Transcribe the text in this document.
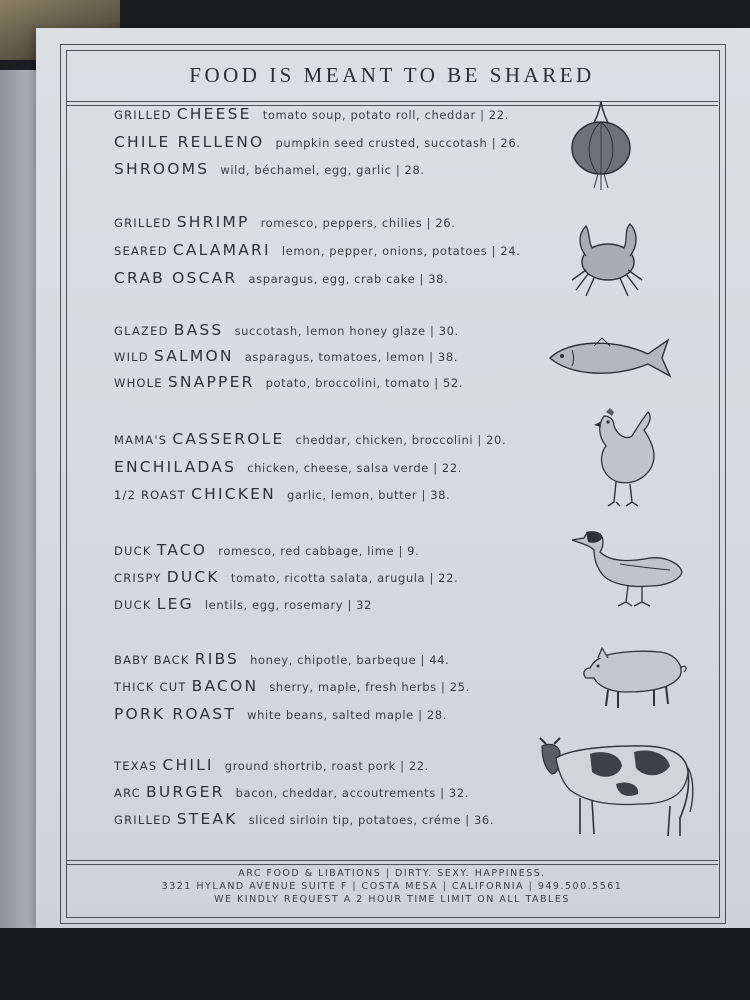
FOOD IS MEANT TO BE SHARED
GRILLED CHEESE tomato soup, potato roll, cheddar | 22.
CHILE RELLENO pumpkin seed crusted, succotash | 26.
SHROOMS wild, béchamel, egg, garlic | 28.
GRILLED SHRIMP romesco, peppers, chilies | 26.
SEARED CALAMARI lemon, pepper, onions, potatoes | 24.
CRAB OSCAR asparagus, egg, crab cake | 38.
GLAZED BASS succotash, lemon honey glaze | 30.
WILD SALMON asparagus, tomatoes, lemon | 38.
WHOLE SNAPPER potato, broccolini, tomato | 52.
MAMA'S CASSEROLE cheddar, chicken, broccolini | 20.
ENCHILADAS chicken, cheese, salsa verde | 22.
1/2 ROAST CHICKEN garlic, lemon, butter | 38.
DUCK TACO romesco, red cabbage, lime | 9.
CRISPY DUCK tomato, ricotta salata, arugula | 22.
DUCK LEG lentils, egg, rosemary | 32
BABY BACK RIBS honey, chipotle, barbeque | 44.
THICK CUT BACON sherry, maple, fresh herbs | 25.
PORK ROAST white beans, salted maple | 28.
TEXAS CHILI ground shortrib, roast pork | 22.
ARC BURGER bacon, cheddar, accoutrements | 32.
GRILLED STEAK sliced sirloin tip, potatoes, créme | 36.
ARC FOOD & LIBATIONS | DIRTY. SEXY. HAPPINESS.
3321 HYLAND AVENUE SUITE F | COSTA MESA | CALIFORNIA | 949.500.5561
WE KINDLY REQUEST A 2 HOUR TIME LIMIT ON ALL TABLES
